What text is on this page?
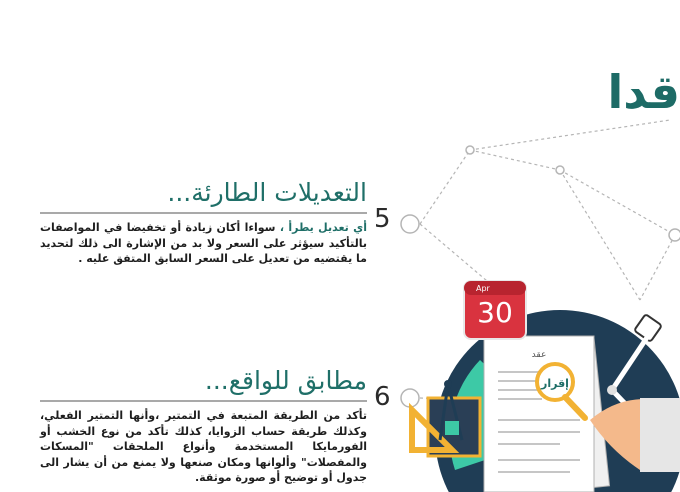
قدا
التعديلات الطارئة...

أي تعديل يطرأ ، سواءا أكان زيادة أو تخفيضا في المواصفات بالتأكيد سيؤثر على السعر ولا بد من الإشارة الى ذلك لتحديد ما يقتضيه من تعديل على السعر السابق المتفق عليه .

5
مطابق للواقع...

تأكد من الطريقة المتبعة في التمتير ،وأنها التمتير الفعلي، وكذلك طريقة حساب الزوايا، كذلك تأكد من نوع الخشب أو الفورمايكا المستخدمة وأنواع الملحقات "المسكات والمفصلات" وألوانها ومكان صنعها ولا يمنع من أن يشار الى جدول أو توضيح أو صورة موثقة.

6
عقد
إقرار
Apr
30
